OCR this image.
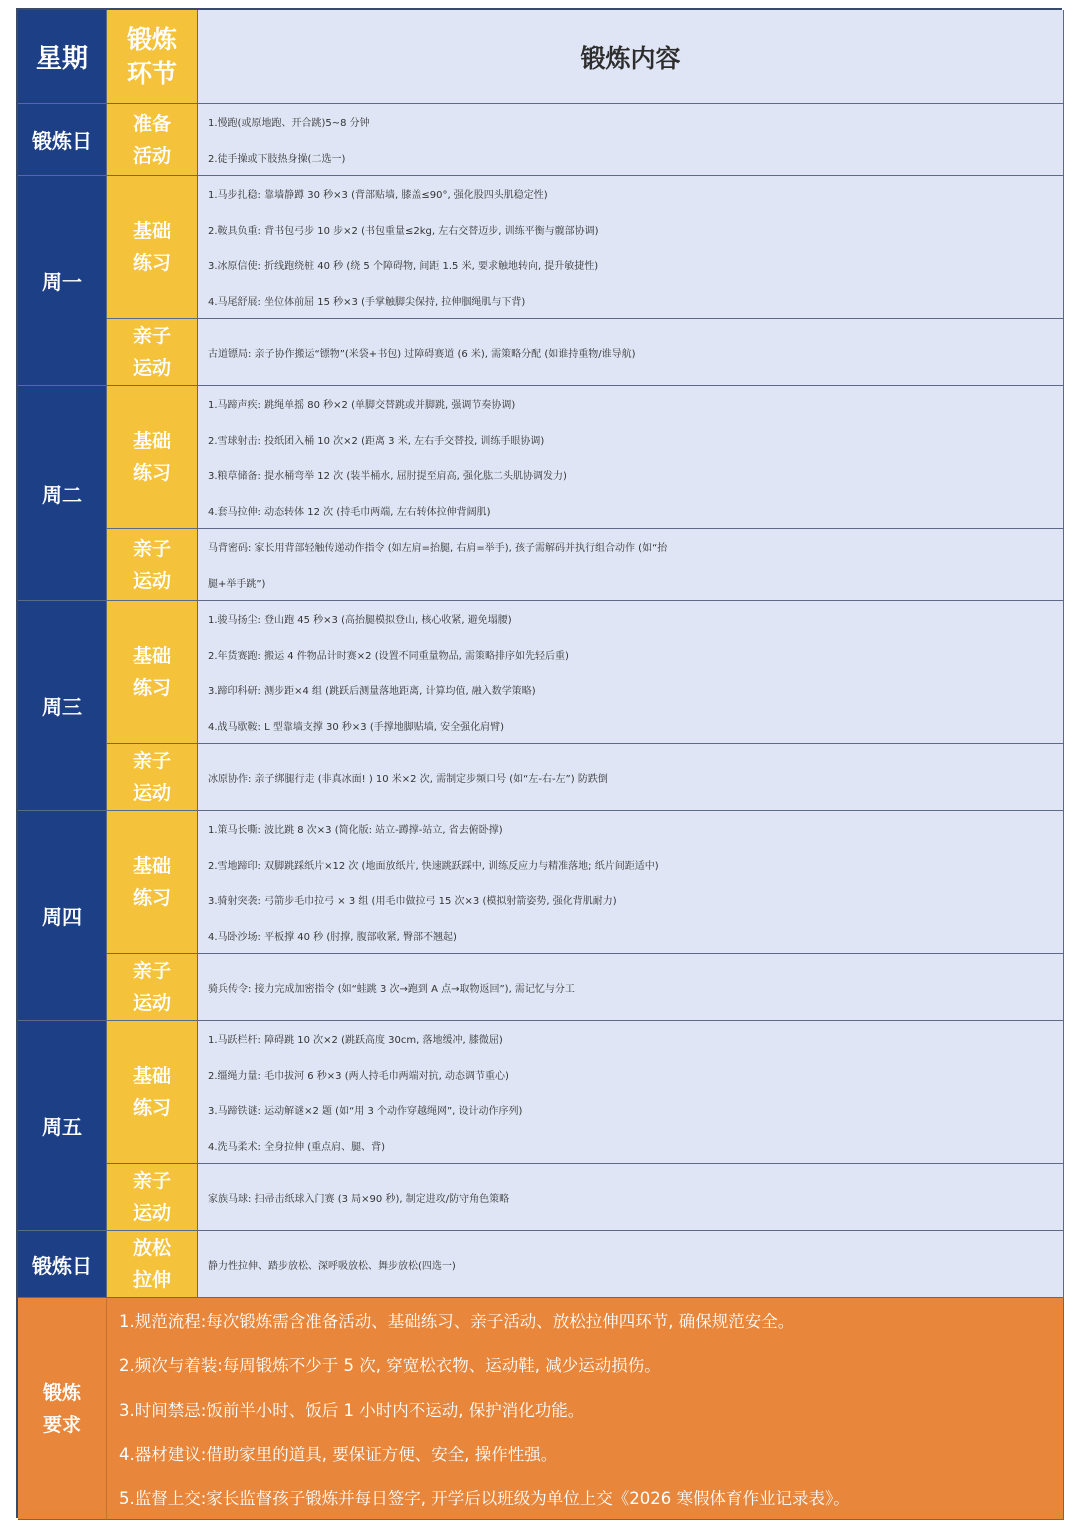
星期
锻炼
环节
锻炼内容
锻炼日
准备
活动
1.慢跑(或原地跑、开合跳)5~8 分钟
2.徒手操或下肢热身操(二选一)
周一
基础
练习
1.马步扎稳: 靠墙静蹲 30 秒×3 (背部贴墙, 膝盖≤90°, 强化股四头肌稳定性)
2.鞍具负重: 背书包弓步 10 步×2 (书包重量≤2kg, 左右交替迈步, 训练平衡与髋部协调)
3.冰原信使: 折线跑绕桩 40 秒 (绕 5 个障碍物, 间距 1.5 米, 要求触地转向, 提升敏捷性)
4.马尾舒展: 坐位体前屈 15 秒×3 (手掌触脚尖保持, 拉伸腘绳肌与下背)
亲子
运动
古道镖局: 亲子协作搬运“镖物”(米袋+书包) 过障碍赛道 (6 米), 需策略分配 (如谁持重物/谁导航)
周二
基础
练习
1.马蹄声疾: 跳绳单摇 80 秒×2 (单脚交替跳或并脚跳, 强调节奏协调)
2.雪球射击: 投纸团入桶 10 次×2 (距离 3 米, 左右手交替投, 训练手眼协调)
3.粮草储备: 提水桶弯举 12 次 (装半桶水, 屈肘提至肩高, 强化肱二头肌协调发力)
4.套马拉伸: 动态转体 12 次 (持毛巾两端, 左右转体拉伸背阔肌)
亲子
运动
马背密码: 家长用背部轻触传递动作指令 (如左肩=抬腿, 右肩=举手), 孩子需解码并执行组合动作 (如“抬
腿+举手跳”)
周三
基础
练习
1.骏马扬尘: 登山跑 45 秒×3 (高抬腿模拟登山, 核心收紧, 避免塌腰)
2.年货赛跑: 搬运 4 件物品计时赛×2 (设置不同重量物品, 需策略排序如先轻后重)
3.蹄印科研: 测步距×4 组 (跳跃后测量落地距离, 计算均值, 融入数学策略)
4.战马歇鞍: L 型靠墙支撑 30 秒×3 (手撑地脚贴墙, 安全强化肩臂)
亲子
运动
冰原协作: 亲子绑腿行走 (非真冰面! ) 10 米×2 次, 需制定步频口号 (如“左-右-左”) 防跌倒
周四
基础
练习
1.策马长嘶: 波比跳 8 次×3 (简化版: 站立-蹲撑-站立, 省去俯卧撑)
2.雪地蹄印: 双脚跳踩纸片×12 次 (地面放纸片, 快速跳跃踩中, 训练反应力与精准落地; 纸片间距适中)
3.骑射突袭: 弓箭步毛巾拉弓 × 3 组 (用毛巾做拉弓 15 次×3 (模拟射箭姿势, 强化背肌耐力)
4.马卧沙场: 平板撑 40 秒 (肘撑, 腹部收紧, 臀部不翘起)
亲子
运动
骑兵传令: 接力完成加密指令 (如“蛙跳 3 次→跑到 A 点→取物返回”), 需记忆与分工
周五
基础
练习
1.马跃栏杆: 障碍跳 10 次×2 (跳跃高度 30cm, 落地缓冲, 膝微屈)
2.缰绳力量: 毛巾拔河 6 秒×3 (两人持毛巾两端对抗, 动态调节重心)
3.马蹄铁谜: 运动解谜×2 题 (如“用 3 个动作穿越绳网”, 设计动作序列)
4.洗马柔术: 全身拉伸 (重点肩、腿、背)
亲子
运动
家族马球: 扫帚击纸球入门赛 (3 局×90 秒), 制定进攻/防守角色策略
锻炼日
放松
拉伸
静力性拉伸、踏步放松、深呼吸放松、舞步放松(四选一)
锻炼
要求
1.规范流程:每次锻炼需含准备活动、基础练习、亲子活动、放松拉伸四环节, 确保规范安全。
2.频次与着装:每周锻炼不少于 5 次, 穿宽松衣物、运动鞋, 减少运动损伤。
3.时间禁忌:饭前半小时、饭后 1 小时内不运动, 保护消化功能。
4.器材建议:借助家里的道具, 要保证方便、安全, 操作性强。
5.监督上交:家长监督孩子锻炼并每日签字, 开学后以班级为单位上交《2026 寒假体育作业记录表》。
